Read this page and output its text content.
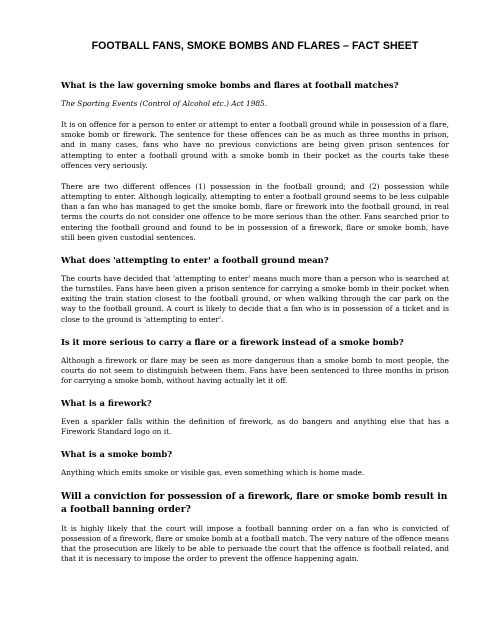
FOOTBALL FANS, SMOKE BOMBS AND FLARES – FACT SHEET
What is the law governing smoke bombs and flares at football matches?
The Sporting Events (Control of Alcohol etc.) Act 1985.
It is on offence for a person to enter or attempt to enter a football ground while in possession of a flare, smoke bomb or firework. The sentence for these offences can be as much as three months in prison, and in many cases, fans who have no previous convictions are being given prison sentences for attempting to enter a football ground with a smoke bomb in their pocket as the courts take these offences very seriously.
There are two different offences (1) possession in the football ground; and (2) possession while attempting to enter. Although logically, attempting to enter a football ground seems to be less culpable than a fan who has managed to get the smoke bomb, flare or firework into the football ground, in real terms the courts do not consider one offence to be more serious than the other. Fans searched prior to entering the football ground and found to be in possession of a firework, flare or smoke bomb, have still been given custodial sentences.
What does 'attempting to enter' a football ground mean?
The courts have decided that 'attempting to enter' means much more than a person who is searched at the turnstiles. Fans have been given a prison sentence for carrying a smoke bomb in their pocket when exiting the train station closest to the football ground, or when walking through the car park on the way to the football ground. A court is likely to decide that a fan who is in possession of a ticket and is close to the ground is 'attempting to enter'.
Is it more serious to carry a flare or a firework instead of a smoke bomb?
Although a firework or flare may be seen as more dangerous than a smoke bomb to most people, the courts do not seem to distinguish between them. Fans have been sentenced to three months in prison for carrying a smoke bomb, without having actually let it off.
What is a firework?
Even a sparkler falls within the definition of firework, as do bangers and anything else that has a Firework Standard logo on it.
What is a smoke bomb?
Anything which emits smoke or visible gas, even something which is home made.
Will a conviction for possession of a firework, flare or smoke bomb result in a football banning order?
It is highly likely that the court will impose a football banning order on a fan who is convicted of possession of a firework, flare or smoke bomb at a football match. The very nature of the offence means that the prosecution are likely to be able to persuade the court that the offence is football related, and that it is necessary to impose the order to prevent the offence happening again.
